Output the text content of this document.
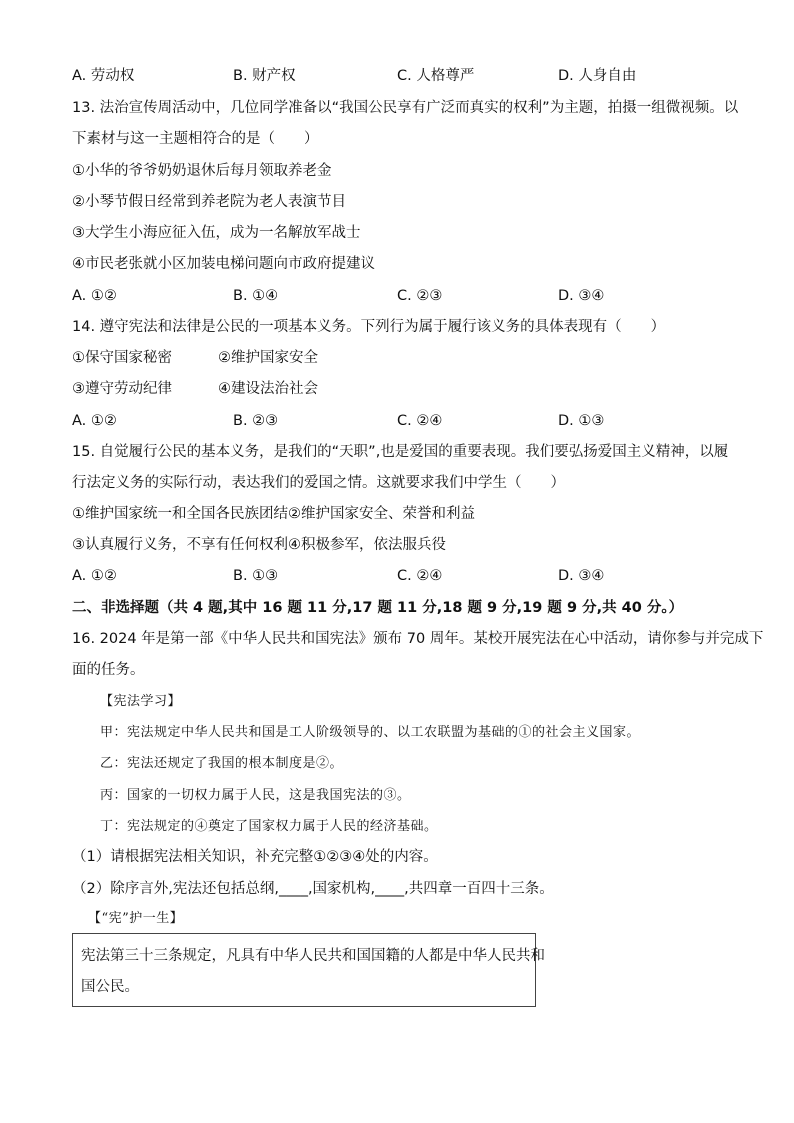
A. 劳动权	B. 财产权	C. 人格尊严	D. 人身自由
13. 法治宣传周活动中，几位同学准备以“我国公民享有广泛而真实的权利”为主题，拍摄一组微视频。以
下素材与这一主题相符合的是（　　）
①小华的爷爷奶奶退休后每月领取养老金
②小琴节假日经常到养老院为老人表演节目
③大学生小海应征入伍，成为一名解放军战士
④市民老张就小区加装电梯问题向市政府提建议
A. ①②	B. ①④	C. ②③	D. ③④
14. 遵守宪法和法律是公民的一项基本义务。下列行为属于履行该义务的具体表现有（　　）
①保守国家秘密	②维护国家安全
③遵守劳动纪律	④建设法治社会
A. ①②	B. ②③	C. ②④	D. ①③
15. 自觉履行公民的基本义务，是我们的“天职”,也是爱国的重要表现。我们要弘扬爱国主义精神，以履
行法定义务的实际行动，表达我们的爱国之情。这就要求我们中学生（　　）
①维护国家统一和全国各民族团结②维护国家安全、荣誉和利益
③认真履行义务，不享有任何权利④积极参军，依法服兵役
A. ①②	B. ①③	C. ②④	D. ③④
二、非选择题（共 4 题,其中 16 题 11 分,17 题 11 分,18 题 9 分,19 题 9 分,共 40 分。）
16. 2024 年是第一部《中华人民共和国宪法》颁布 70 周年。某校开展宪法在心中活动，请你参与并完成下
面的任务。
【宪法学习】
甲：宪法规定中华人民共和国是工人阶级领导的、以工农联盟为基础的①的社会主义国家。
乙：宪法还规定了我国的根本制度是②。
丙：国家的一切权力属于人民，这是我国宪法的③。
丁：宪法规定的④奠定了国家权力属于人民的经济基础。
（1）请根据宪法相关知识，补充完整①②③④处的内容。
（2）除序言外,宪法还包括总纲,____,国家机构,____,共四章一百四十三条。
【“宪”护一生】
宪法第三十三条规定，凡具有中华人民共和国国籍的人都是中华人民共和
国公民。
